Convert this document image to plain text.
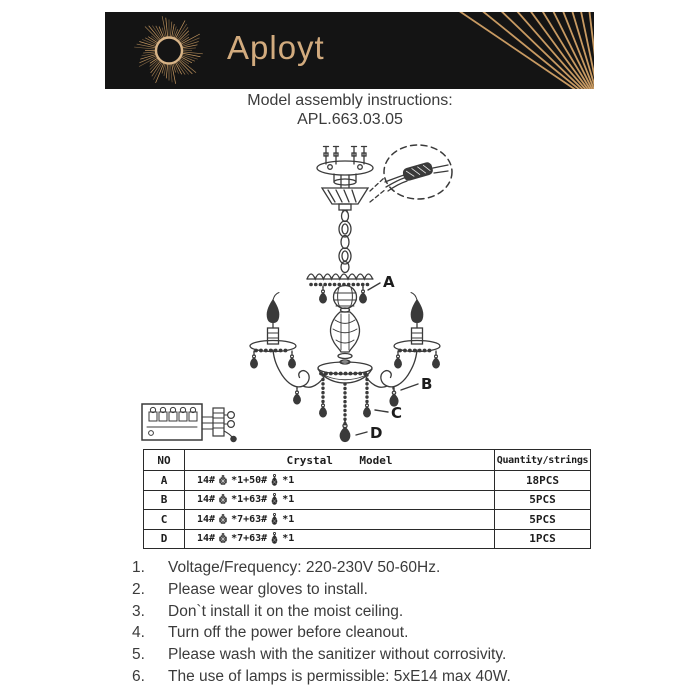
Aployt
Model assembly instructions:
APL.663.03.05
A
B
C
D
NO	Crystal    Model	Quantity/strings
A	14# *1+50# *1	18PCS
B	14# *1+63# *1	5PCS
C	14# *7+63# *1	5PCS
D	14# *7+63# *1	1PCS
1.	Voltage/Frequency: 220-230V 50-60Hz.
2.	Please wear gloves to install.
3.	Don`t install it on the moist ceiling.
4.	Turn off the power before cleanout.
5.	Please wash with the sanitizer without corrosivity.
6.	The use of lamps is permissible: 5xE14 max 40W.
